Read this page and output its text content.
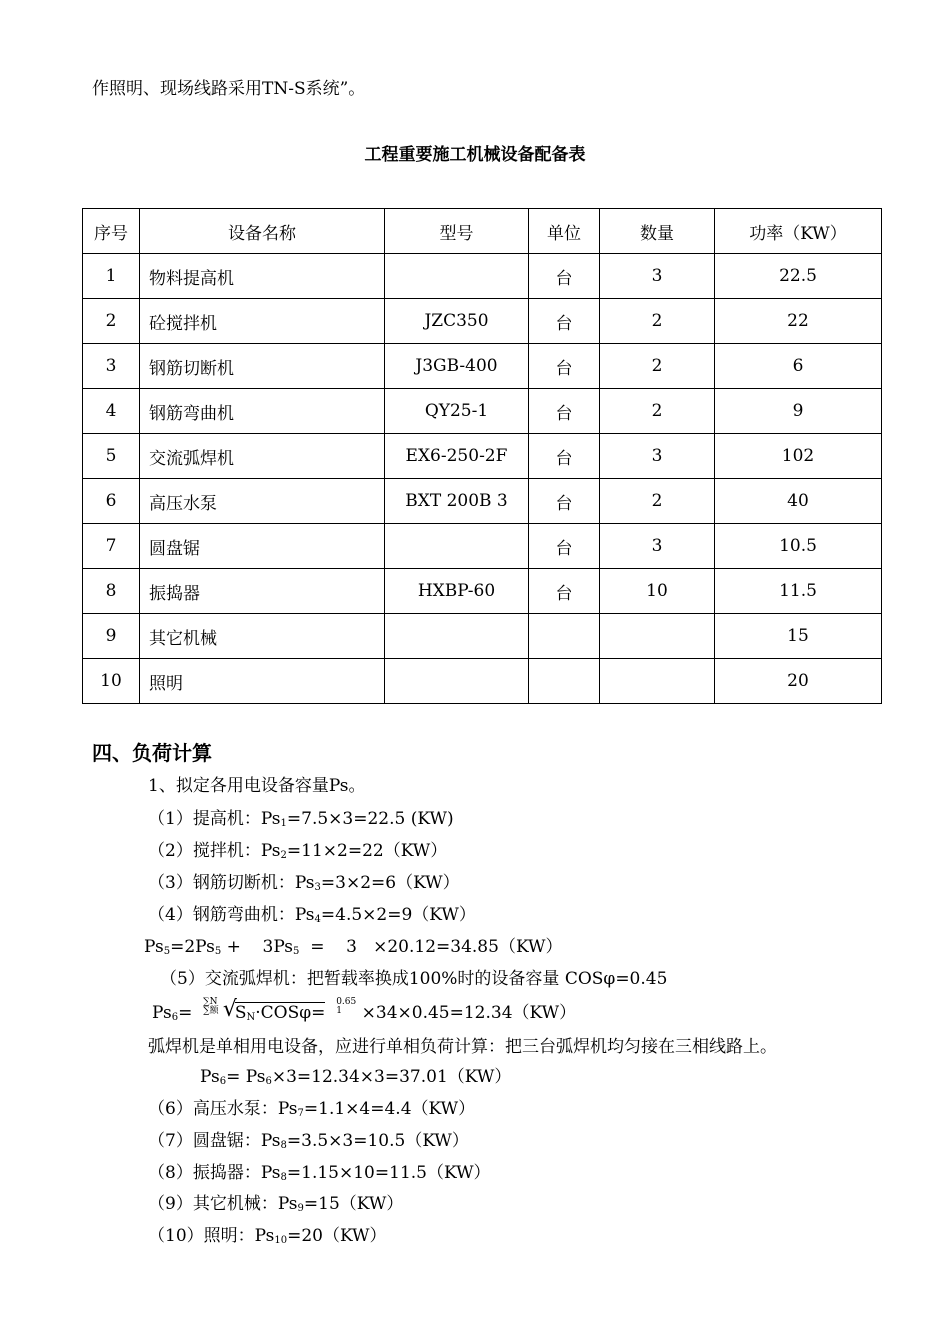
作照明、现场线路采用TN-S系统”。
工程重要施工机械设备配备表
序号	设备名称	型号	单位	数量	功率（KW）
1	物料提高机		台	3	22.5
2	砼搅拌机	JZC350	台	2	22
3	钢筋切断机	J3GB-400	台	2	6
4	钢筋弯曲机	QY25-1	台	2	9
5	交流弧焊机	EX6-250-2F	台	3	102
6	高压水泵	BXT 200B 3	台	2	40
7	圆盘锯		台	3	10.5
8	振捣器	HXBP-60	台	10	11.5
9	其它机械				15
10	照明				20
四、负荷计算
1、拟定各用电设备容量Ps。
（1）提高机：$Ps_1=7.5\times 3=22.5$ (KW)
（2）搅拌机：$Ps_2=11\times 2=22(KW)$
（3）钢筋切断机：$Ps_3=3\times 2=6(KW)$
（4）钢筋弯曲机：$Ps_4=4.5\times 2=9(KW)$
$Ps_5=2Ps_5$ +    $3Ps_5$  =    3   ×20.12=34.85（KW）
（5）交流弧焊机：把暂载率换成100%时的设备容量 COSφ=0.45
$Ps_6= \sum N$
∑额 √ $S_N\cdot COS\varphi= 0.65$
1 ×34×0.45=12.34（KW）
弧焊机是单相用电设备，应进行单相负荷计算：把三台弧焊机均匀接在三相线路上。
$Ps_6= Ps_6\times 3=12.34\times 3=37.01(KW)$
（6）高压水泵：$Ps_7=1.1\times 4=4.4(KW)$
（7）圆盘锯：$Ps_8=3.5\times 3=10.5(KW)$
（8）振捣器：$Ps_8=1.15\times 10=11.5(KW)$
（9）其它机械：$Ps_9=15(KW)$
（10）照明：$Ps_{10}=20(KW)$
